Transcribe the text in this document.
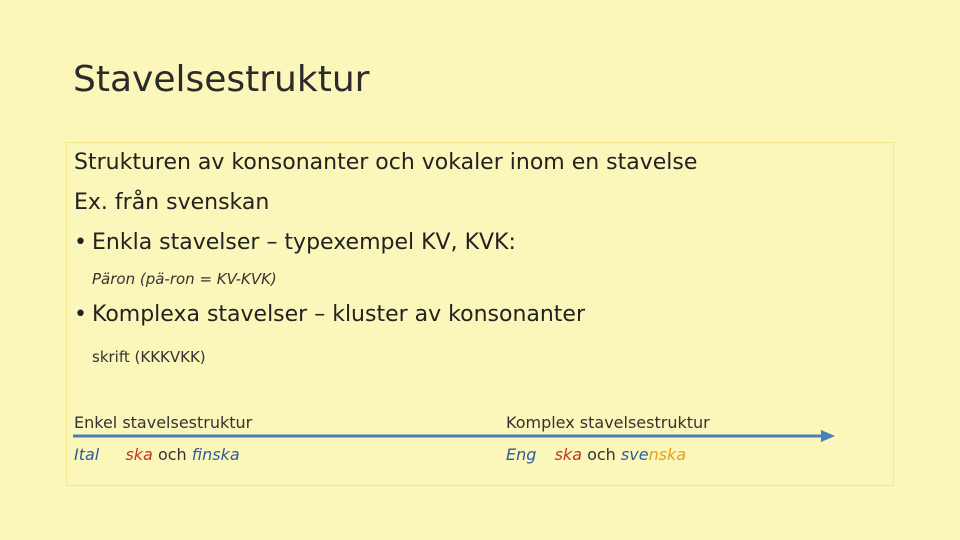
Stavelsestruktur
Strukturen av konsonanter och vokaler inom en stavelse
Ex. från svenskan
• Enkla stavelser – typexempel KV, KVK:
Päron (pä-ron = KV-KVK)
• Komplexa stavelser – kluster av konsonanter
skrift (KKKVKK)
Enkel stavelsestruktur	Komplex stavelsestruktur
Ital ska och finska	Eng ska och svenska
